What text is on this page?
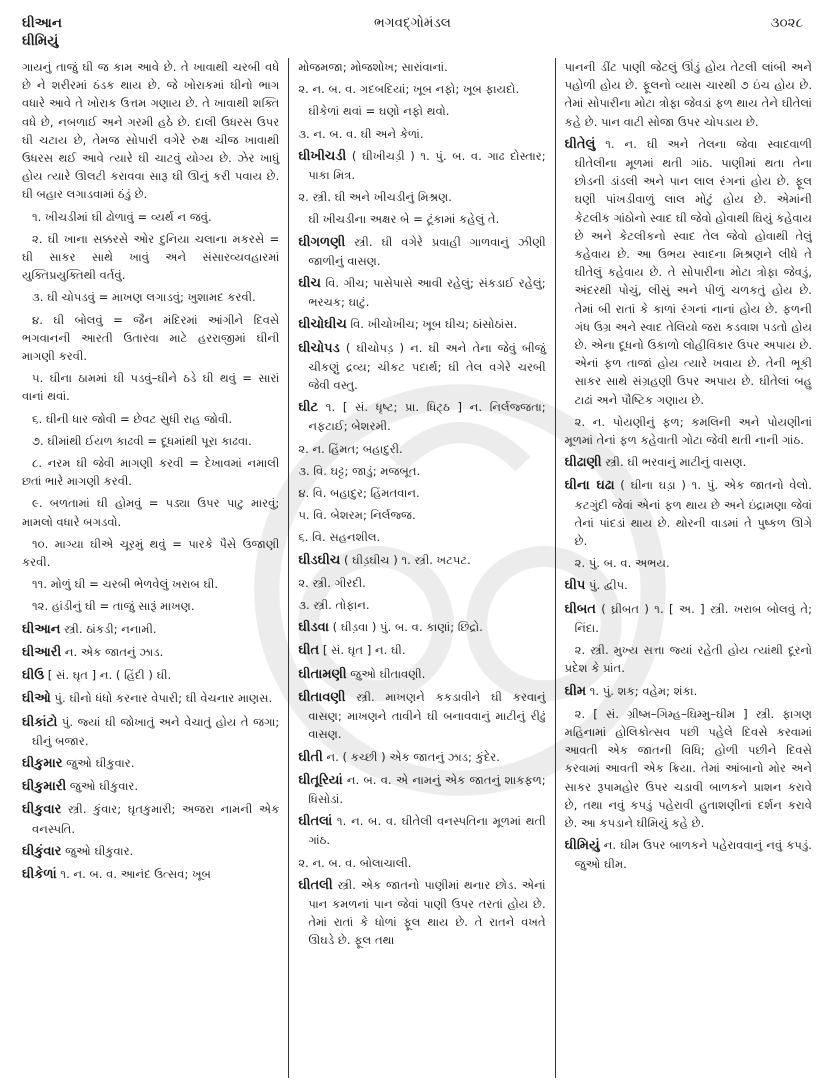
ઘીઆન
ઘીમિયું
ભગવદ્‌ગોમંડલ	૩૦૨૮

ગાયનું તાજું ઘી જ કામ આવે છે. તે ખાવાથી ચરબી વધે છે ને શરીરમાં ઠંડક થાય છે. જે ખોરાકમાં ઘીનો ભાગ વધારે આવે તે ખોરાક ઉત્તમ ગણાય છે. તે ખાવાથી શક્તિ વધે છે, નબળાઈ અને ગરમી હઠે છે. દાલી ઉધરસ ઉપર ઘી ચટાય છે, તેમજ સોપારી વગેરે રુક્ષ ચીજ ખાવાથી ઉધરસ થઈ આવે ત્યારે ઘી ચાટવું યોગ્ય છે. ઝેર ખાધું હોય ત્યારે ઊલટી કરાવવા સારૂ ઘી ઊનું કરી પવાય છે. ઘી બહાર લગાડવામાં ઠંડું છે.

૧. ખીચડીમાં ઘી ઢોળાવું = વ્યર્થ ન જવું.

૨. ઘી ખાના સક્કરસે ઓર દુનિયા ચલાના મકરસે = ઘી સાકર સાથે ખાવું અને સંસારવ્યવહારમાં યુક્તિપ્રયુક્તિથી વર્તવું.

૩. ઘી ચોપડવું = માખણ લગાડવું; ખુશામદ કરવી.

૪. ઘી બોલવું = જૈન મંદિરમાં આંગીને દિવસે ભગવાનની આરતી ઉતારવા માટે હરરાજીમાં ઘીની માગણી કરવી.

૫. ઘીના ઠામમાં ઘી પડવું–ઘીને ઠડે ઘી થવું = સારાં વાનાં થવાં.

૬. ઘીની ધાર જોવી = છેવટ સુધી રાહ જોવી.

૭. ઘીમાંથી ઈયળ કાઢવી = દૂધમાંથી પૂરા કાઢવા.

૮. નરમ ઘી જેવી માગણી કરવી = દેખાવમાં નમાલી છતાં ભારે માગણી કરવી.

૯. બળતામાં ઘી હોમવું = પડ્યા ઉપર પાટુ મારવું; મામલો વધારે બગડવો.

૧૦. માગ્યા ઘીએ ચૂરમું થવું = પારકે પૈસે ઉજાણી કરવી.

૧૧. મોળું ઘી = ચરબી ભેળવેલું ખરાબ ઘી.

૧૨. હાંડીનું ઘી = તાજું સારૂં માખણ.

ઘીઆન સ્ત્રી. ઠાંકડી; નનામી.

ઘીઆરી ન. એક જાતનું ઝાડ.

ઘીઉ [ સં. ઘૃત ] ન. ( હિંદી ) ઘી.

ઘીઓ પું. ઘીનો ધંધો કરનાર વેપારી; ઘી વેચનાર માણસ.

ઘીકાંટો પું. જ્યાં ઘી જોખાતું અને વેચાતું હોય તે જગા; ઘીનું બજાર.

ઘીકુમાર જુઓ ઘીકુવાર.

ઘીકુમારી જુઓ ઘીકુવાર.

ઘીકુવાર સ્ત્રી. કુંવાર; ઘૃતકુમારી; અજરા નામની એક વનસ્પતિ.

ઘીકુંવાર જુઓ ઘીકુવાર.

ઘીકેળાં ૧. ન. બ. વ. આનંદ ઉત્સવ; ખૂબ

મોજમજા; મોજશોખ; સારાંવાનાં.

૨. ન. બ. વ. ગદબદિયાં; ખૂબ નફો; ખૂબ ફાયદો.

ઘીકેળાં થવાં = ઘણો નફો થવો.

૩. ન. બ. વ. ઘી અને કેળાં.

ઘીખીચડી ( ઘીખીચડ઼ી ) ૧. પું. બ. વ. ગાઢ દોસ્તાર; પાકા મિત્ર.

૨. સ્ત્રી. ઘી અને ખીચડીનું મિશ્રણ.

ઘી ખીચડીના અક્ષર બે = ટૂંકામાં કહેલું તે.

ઘીગળણી સ્ત્રી. ઘી વગેરે પ્રવાહી ગાળવાનું ઝીણી જાળીનું વાસણ.

ઘીચ વિ. ગીચ; પાસેપાસે આવી રહેલું; સંકડાઈ રહેલું; ભરચક; ઘાટું.

ઘીચોઘીચ વિ. ખીચોખીચ; ખૂબ ઘીચ; ઠાંસોઠાંસ.

ઘીચોપડ ( ઘીચોપડ઼ ) ન. ઘી અને તેના જેવું બીજું ચીકણું દ્રવ્ય; ચીકટ પદાર્થ; ઘી તેલ વગેરે ચરબી જેવી વસ્તુ.

ઘીટ ૧. [ સં. ધૃષ્ટ; પ્રા. ધિટ્ઠ ] ન. નિર્લજ્જતા; નફટાઈ; બેશરમી.

૨. ન. હિંમત; બહાદુરી.

૩. વિ. ઘટ્ટ; જાડું; મજબૂત.

૪. વિ. બહાદુર; હિંમતવાન.

૫. વિ. બેશરમ; નિર્લજ્જ.

૬. વિ. સહનશીલ.

ઘીડઘીચ ( ઘીડ઼ઘીચ ) ૧. સ્ત્રી. ખટપટ.

૨. સ્ત્રી. ગીરદી.

૩. સ્ત્રી. તોફાન.

ઘીડવા ( ઘીડ઼વા ) પું. બ. વ. કાણાં; છિદ્રો.

ઘીત [ સં. ઘૃત ] ન. ઘી.

ઘીતામણી જુઓ ઘીતાવણી.

ઘીતાવણી સ્ત્રી. માખણને કકડાવીને ઘી કરવાનું વાસણ; માખણને તાવીને ઘી બનાવવાનું માટીનું રીઢું વાસણ.

ઘીતી ન. ( કચ્છી ) એક જાતનું ઝાડ; કુંદેર.

ઘીતૂરિયાં ન. બ. વ. એ નામનું એક જાતનું શાકફળ; ધિસોડાં.

ઘીતલાં ૧. ન. બ. વ. ઘીતેલી વનસ્પતિના મૂળમાં થતી ગાંઠ.

૨. ન. બ. વ. બોલાચાલી.

ઘીતલી સ્ત્રી. એક જાતનો પાણીમાં થનાર છોડ. એનાં પાન કમળનાં પાન જેવાં પાણી ઉપર તરતાં હોય છે. તેમાં રાતાં કે ધોળાં ફૂલ થાય છે. તે રાતને વખતે ઊઘડે છે. ફૂલ તથા

પાનની ડીંટ પાણી જેટલું ઊંડું હોય તેટલી લાંબી અને પહોળી હોય છે. ફૂલનો વ્યાસ ચારથી ૭ ઇંચ હોય છે. તેમાં સોપારીના મોટા ત્રોફા જેવડાં ફળ થાય તેને ઘીતેલાં કહે છે. પાન વાટી સોજા ઉપર ચોપડાય છે.

ઘીતેલું ૧. ન. ઘી અને તેલના જેવા સ્વાદવાળી ઘીતેલીના મૂળમાં થતી ગાંઠ. પાણીમાં થતા તેના છોડની ડાંડલી અને પાન લાલ રંગનાં હોય છે. ફૂલ ઘણી પાંખડીવાળું લાલ મોટું હોય છે. એમાંની કેટલીક ગાંઠોનો સ્વાદ ઘી જેવો હોવાથી ઘિયું કહેવાય છે અને કેટલીકનો સ્વાદ તેલ જેવો હોવાથી તેલું કહેવાય છે. આ ઉભય સ્વાદના મિશ્રણને લીધે તે ઘીતેલું કહેવાય છે. તે સોપારીના મોટા ત્રોફા જેવડું, અંદરથી પોચું, લીસું અને પીળું ચળકતું હોય છે. તેમાં બી રાતાં કે કાળાં રંગનાં નાનાં હોય છે. ફળની ગંધ ઉગ્ર અને સ્વાદ તેલિયો જરા કડવાશ પડતો હોય છે. એના દૂધનો ઉકાળો લોહીવિકાર ઉપર અપાય છે. એનાં ફળ તાજાં હોય ત્યારે ખવાય છે. તેની ભૂકી સાકર સાથે સંગ્રહણી ઉપર અપાય છે. ઘીતેલાં બહુ ટાઢાં અને પૌષ્ટિક ગણાય છે.

૨. ન. પોયણીનું ફળ; કમલિની અને પોયણીનાં મૂળમાં તેનાં ફળ કહેવાતી ગોટા જેવી થતી નાની ગાંઠ.

ઘીઢાણી સ્ત્રી. ઘી ભરવાનું માટીનું વાસણ.

ઘીના ઘઢા ( ઘીના ઘડ઼ા ) ૧. પું. એક જાતનો વેલો. કટગુંદી જેવાં એનાં ફળ થાય છે અને ઇંદ્રામણા જેવાં તેનાં પાંદડાં થાય છે. થોરની વાડમાં તે પુષ્કળ ઊગે છે.

૨. પું. બ. વ. અભય.

ઘીપ પું. દ્વીપ.

ઘીબત ( ઘ્રીબત ) ૧. [ અ. ] સ્ત્રી. ખરાબ બોલવું તે; નિંદા.

૨. સ્ત્રી. મુખ્ય સત્તા જ્યાં રહેતી હોય ત્યાંથી દૂરનો પ્રદેશ કે પ્રાંત.

ઘીમ ૧. પું. શક; વહેમ; શંકા.

૨. [ સં. ગ્રીષ્મ–ગિમ્હ–ઘિમ્મુ–ઘીમ ] સ્ત્રી. ફાગણ મહિનામાં હોલિકોત્સવ પછી પહેલે દિવસે કરવામાં આવતી એક જાતની વિધિ; હોળી પછીને દિવસે કરવામાં આવતી એક ક્રિયા. તેમાં આંબાનો મોર અને સાકર રૂપામહોર ઉપર ચડાવી બાળકને પ્રાશન કરાવે છે, તથા નવું કપડું પહેરાવી હુતાશણીનાં દર્શન કરાવે છે. આ કપડાને ઘીમિયું કહે છે.

ઘીમિયું ન. ઘીમ ઉપર બાળકને પહેરાવવાનું નવું કપડું. જુઓ ઘીમ.
